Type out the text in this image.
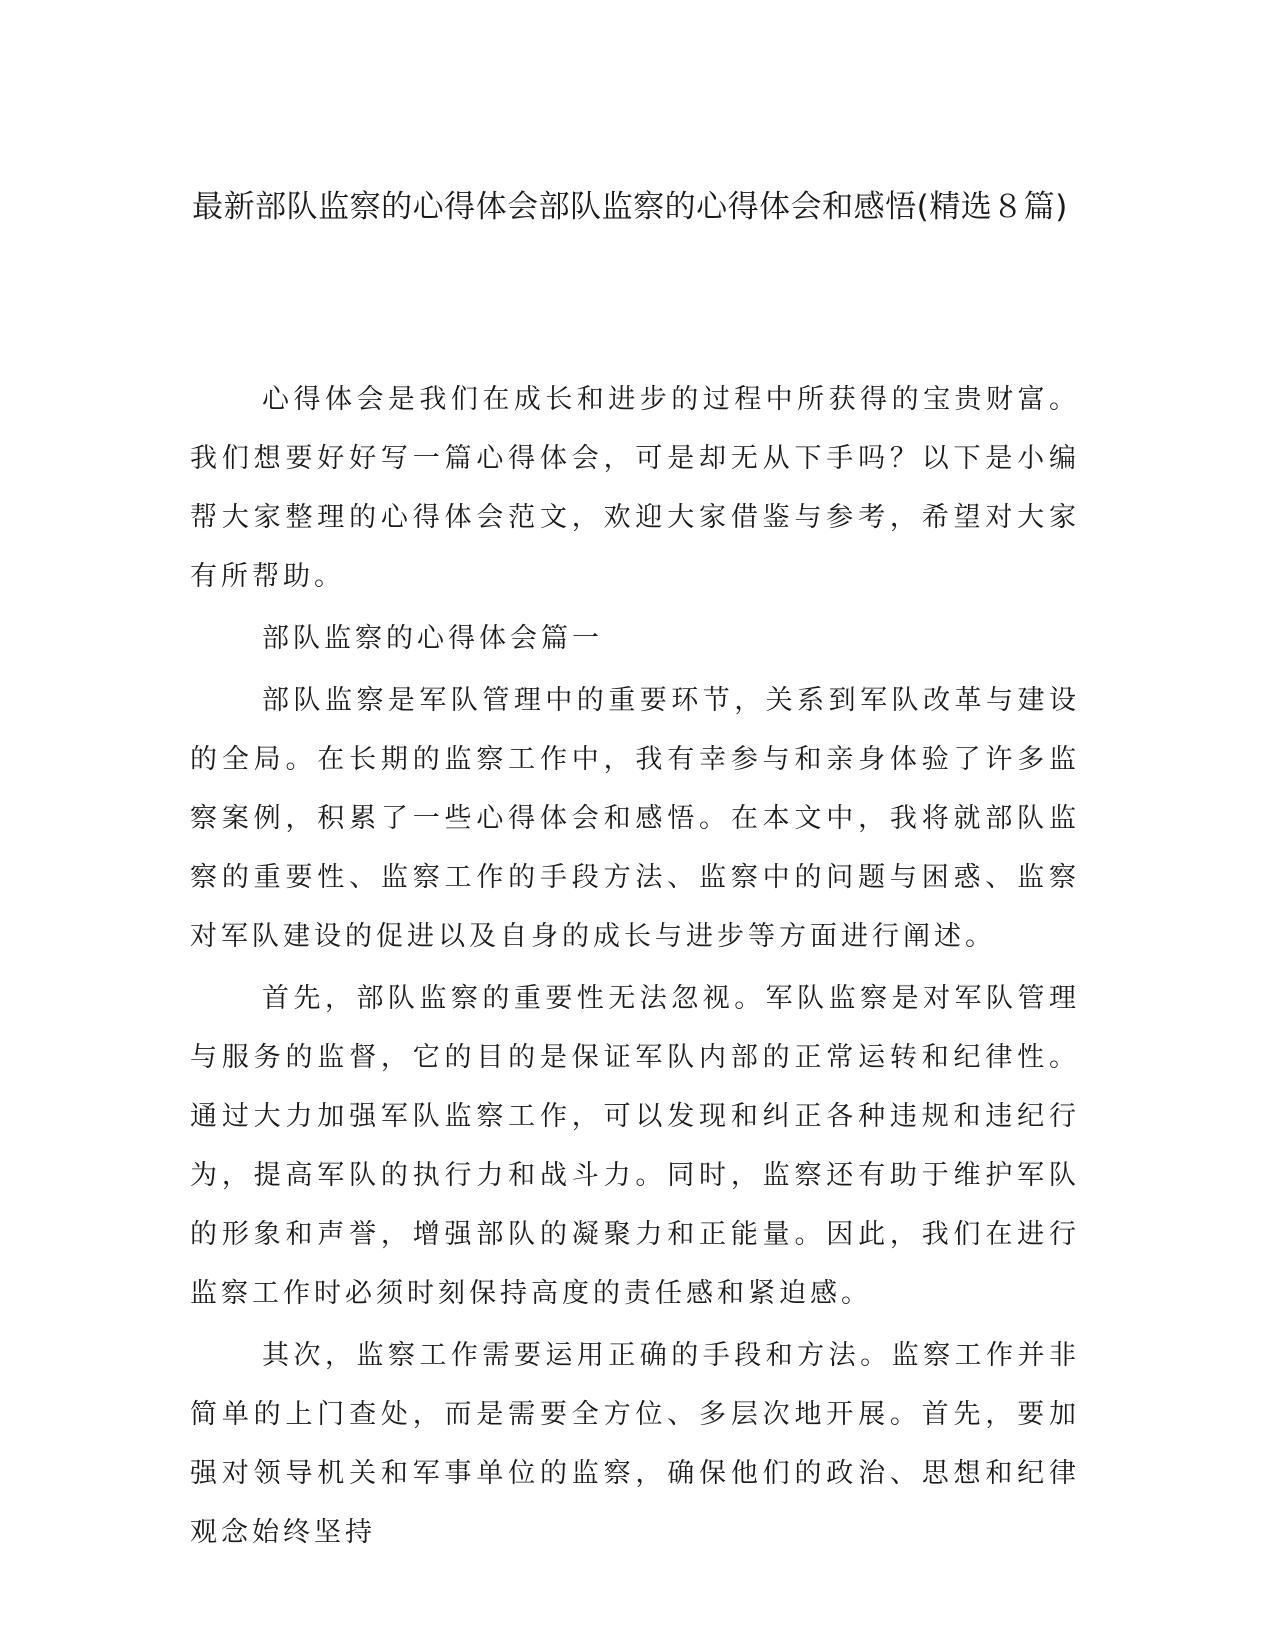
最新部队监察的心得体会部队监察的心得体会和感悟(精选８篇)

心得体会是我们在成长和进步的过程中所获得的宝贵财富。我们想要好好写一篇心得体会，可是却无从下手吗？以下是小编帮大家整理的心得体会范文，欢迎大家借鉴与参考，希望对大家有所帮助。

部队监察的心得体会篇一

部队监察是军队管理中的重要环节，关系到军队改革与建设的全局。在长期的监察工作中，我有幸参与和亲身体验了许多监察案例，积累了一些心得体会和感悟。在本文中，我将就部队监察的重要性、监察工作的手段方法、监察中的问题与困惑、监察对军队建设的促进以及自身的成长与进步等方面进行阐述。

首先，部队监察的重要性无法忽视。军队监察是对军队管理与服务的监督，它的目的是保证军队内部的正常运转和纪律性。通过大力加强军队监察工作，可以发现和纠正各种违规和违纪行为，提高军队的执行力和战斗力。同时，监察还有助于维护军队的形象和声誉，增强部队的凝聚力和正能量。因此，我们在进行监察工作时必须时刻保持高度的责任感和紧迫感。

其次，监察工作需要运用正确的手段和方法。监察工作并非简单的上门查处，而是需要全方位、多层次地开展。首先，要加强对领导机关和军事单位的监察，确保他们的政治、思想和纪律观念始终坚持
